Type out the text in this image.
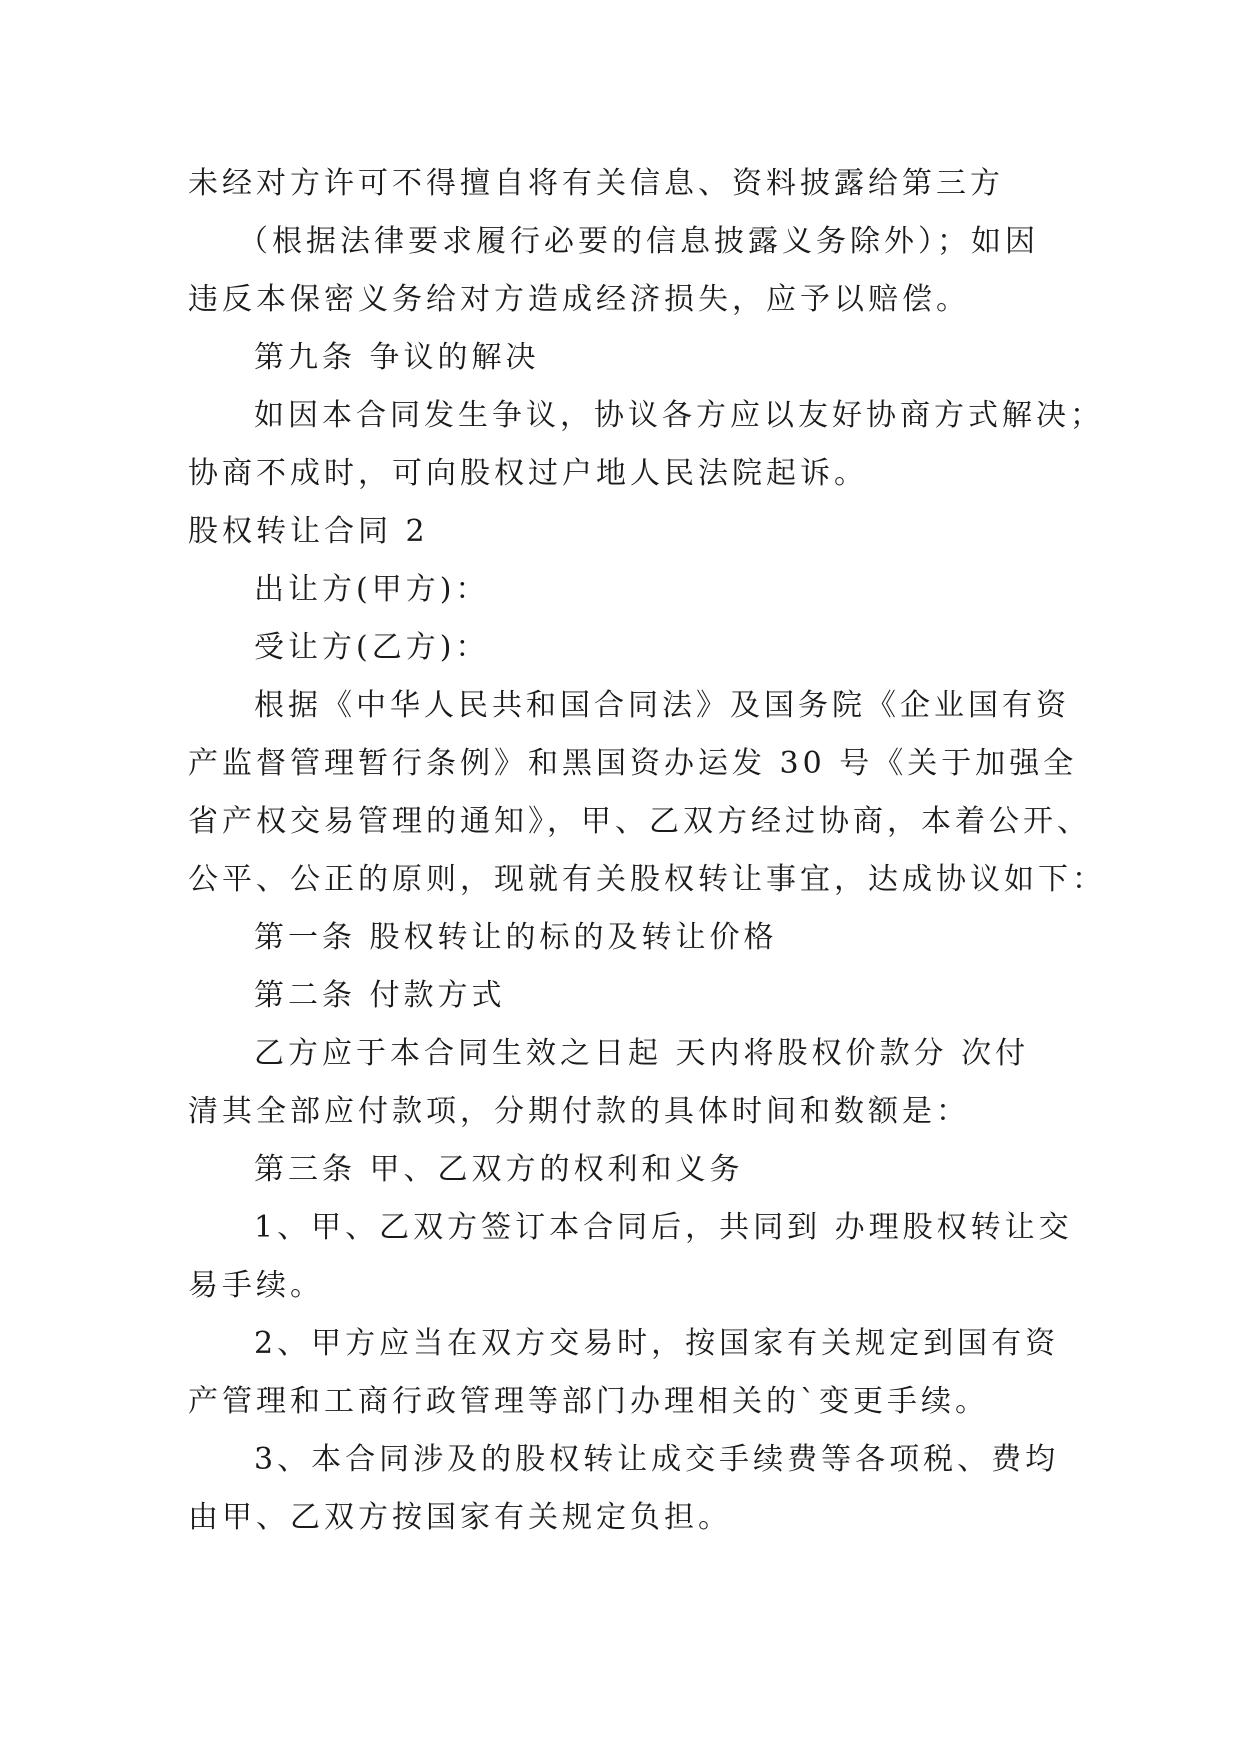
未经对方许可不得擅自将有关信息、资料披露给第三方
（根据法律要求履行必要的信息披露义务除外）；如因
违反本保密义务给对方造成经济损失，应予以赔偿。
第九条 争议的解决
如因本合同发生争议，协议各方应以友好协商方式解决；
协商不成时，可向股权过户地人民法院起诉。
股权转让合同 2
出让方(甲方)：
受让方(乙方)：
根据《中华人民共和国合同法》及国务院《企业国有资
产监督管理暂行条例》和黑国资办运发 30 号《关于加强全
省产权交易管理的通知》，甲、乙双方经过协商，本着公开、
公平、公正的原则，现就有关股权转让事宜，达成协议如下：
第一条 股权转让的标的及转让价格
第二条 付款方式
乙方应于本合同生效之日起 天内将股权价款分 次付
清其全部应付款项，分期付款的具体时间和数额是：
第三条 甲、乙双方的权利和义务
1、甲、乙双方签订本合同后，共同到 办理股权转让交
易手续。
2、甲方应当在双方交易时，按国家有关规定到国有资
产管理和工商行政管理等部门办理相关的`变更手续。
3、本合同涉及的股权转让成交手续费等各项税、费均
由甲、乙双方按国家有关规定负担。
